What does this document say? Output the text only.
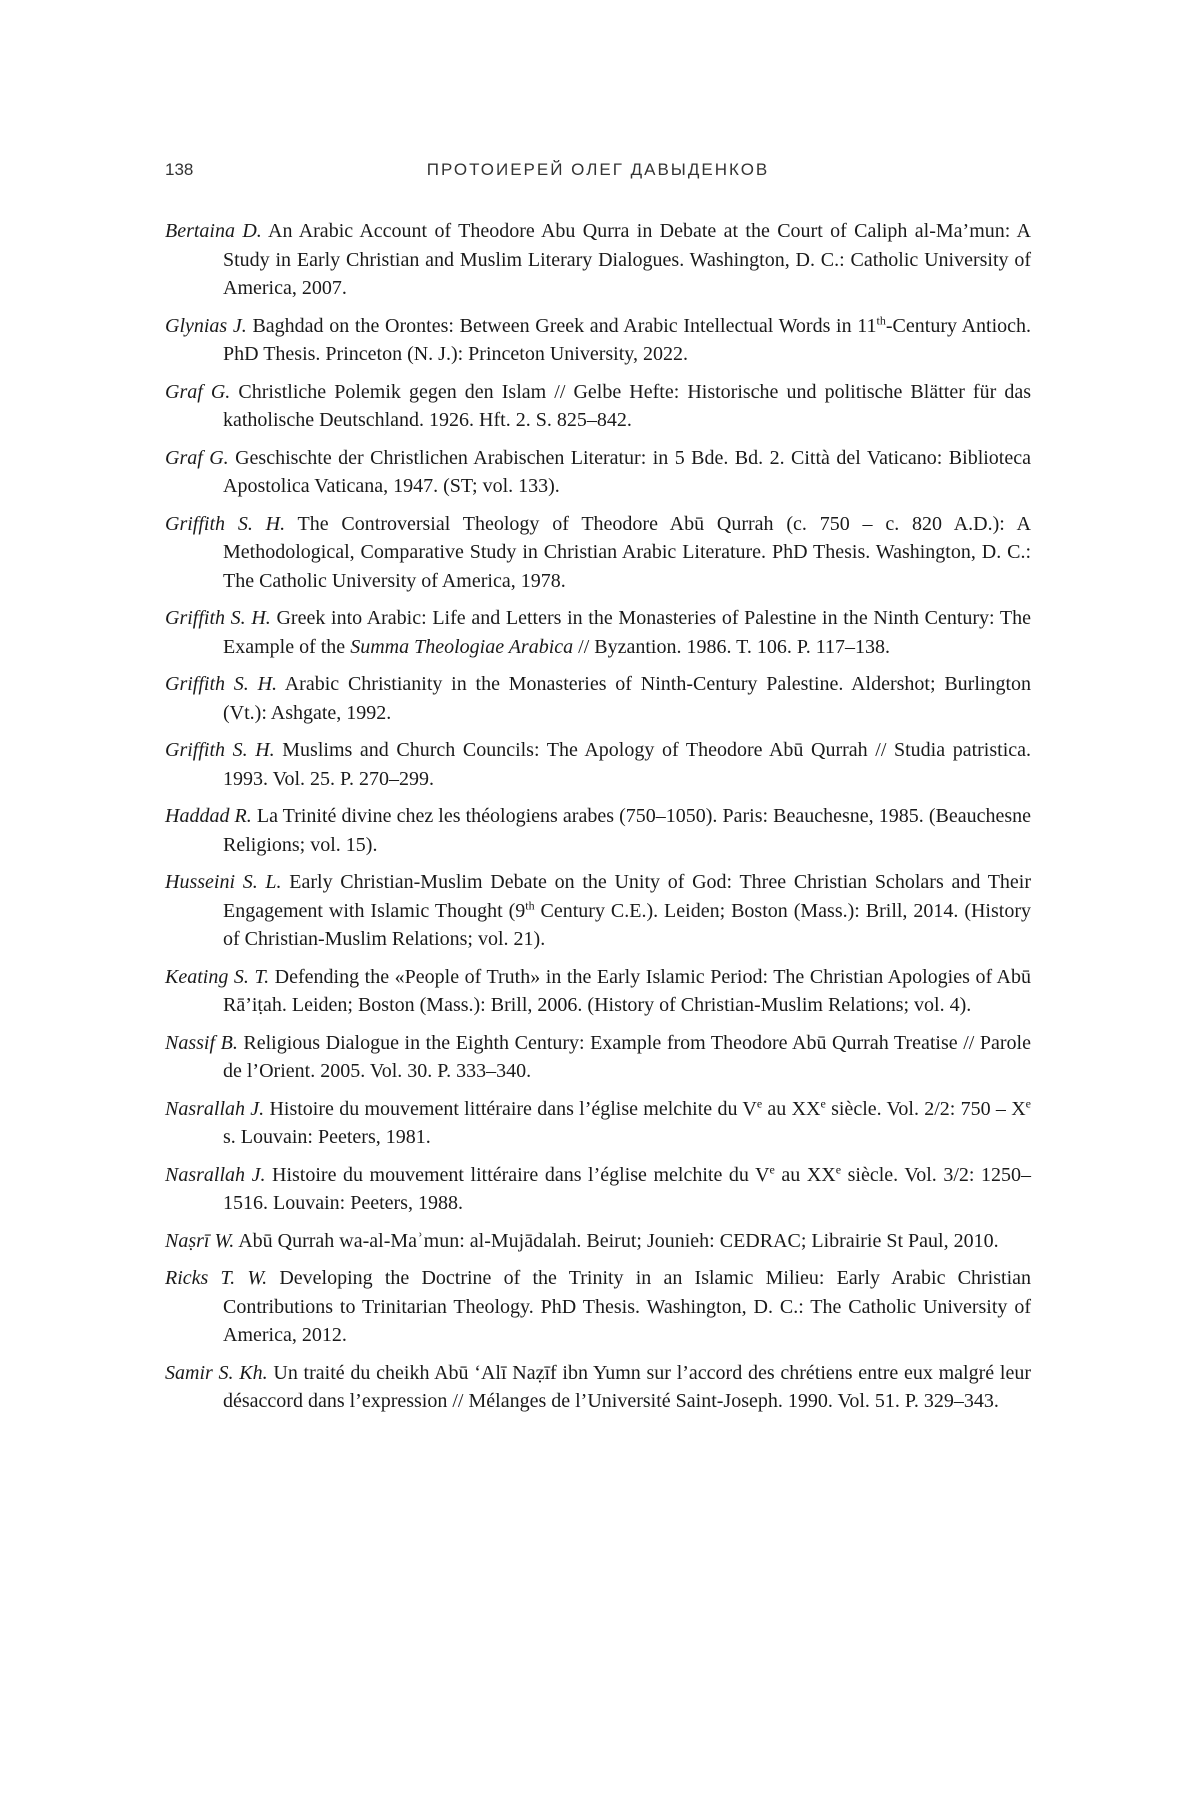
138	ПРОТОИЕРЕЙ ОЛЕГ ДАВЫДЕНКОВ

Bertaina D. An Arabic Account of Theodore Abu Qurra in Debate at the Court of Caliph al-Ma’mun: A Study in Early Christian and Muslim Literary Dialogues. Washington, D. C.: Catholic University of America, 2007.

Glynias J. Baghdad on the Orontes: Between Greek and Arabic Intellectual Words in 11th-Century Antioch. PhD Thesis. Princeton (N. J.): Princeton University, 2022.

Graf G. Christliche Polemik gegen den Islam // Gelbe Hefte: Historische und politische Blätter für das katholische Deutschland. 1926. Hft. 2. S. 825–842.

Graf G. Geschischte der Christlichen Arabischen Literatur: in 5 Bde. Bd. 2. Città del Vaticano: Biblioteca Apostolica Vaticana, 1947. (ST; vol. 133).

Griffith S. H. The Controversial Theology of Theodore Abū Qurrah (c. 750 – c. 820 A.D.): A Methodological, Comparative Study in Christian Arabic Literature. PhD Thesis. Washington, D. C.: The Catholic University of America, 1978.

Griffith S. H. Greek into Arabic: Life and Letters in the Monasteries of Palestine in the Ninth Century: The Example of the Summa Theologiae Arabica // Byzantion. 1986. T. 106. P. 117–138.

Griffith S. H. Arabic Christianity in the Monasteries of Ninth-Century Palestine. Aldershot; Burlington (Vt.): Ashgate, 1992.

Griffith S. H. Muslims and Church Councils: The Apology of Theodore Abū Qurrah // Studia patristica. 1993. Vol. 25. P. 270–299.

Haddad R. La Trinité divine chez les théologiens arabes (750–1050). Paris: Beauchesne, 1985. (Beauchesne Religions; vol. 15).

Husseini S. L. Early Christian-Muslim Debate on the Unity of God: Three Christian Scholars and Their Engagement with Islamic Thought (9th Century C.E.). Leiden; Boston (Mass.): Brill, 2014. (History of Christian-Muslim Relations; vol. 21).

Keating S. T. Defending the «People of Truth» in the Early Islamic Period: The Christian Apologies of Abū Rā’iṭah. Leiden; Boston (Mass.): Brill, 2006. (History of Christian-Muslim Relations; vol. 4).

Nassif B. Religious Dialogue in the Eighth Century: Example from Theodore Abū Qurrah Treatise // Parole de l’Orient. 2005. Vol. 30. P. 333–340.

Nasrallah J. Histoire du mouvement littéraire dans l’église melchite du Ve au XXe siècle. Vol. 2/2: 750 – Xe s. Louvain: Peeters, 1981.

Nasrallah J. Histoire du mouvement littéraire dans l’église melchite du Ve au XXe siècle. Vol. 3/2: 1250–1516. Louvain: Peeters, 1988.

Naṣrī W. Abū Qurrah wa-al-Maʾmun: al-Mujādalah. Beirut; Jounieh: CEDRAC; Librairie St Paul, 2010.

Ricks T. W. Developing the Doctrine of the Trinity in an Islamic Milieu: Early Arabic Christian Contributions to Trinitarian Theology. PhD Thesis. Washington, D. C.: The Catholic University of America, 2012.

Samir S. Kh. Un traité du cheikh Abū ‘Alī Naẓīf ibn Yumn sur l’accord des chrétiens entre eux malgré leur désaccord dans l’expression // Mélanges de l’Université Saint-Joseph. 1990. Vol. 51. P. 329–343.
